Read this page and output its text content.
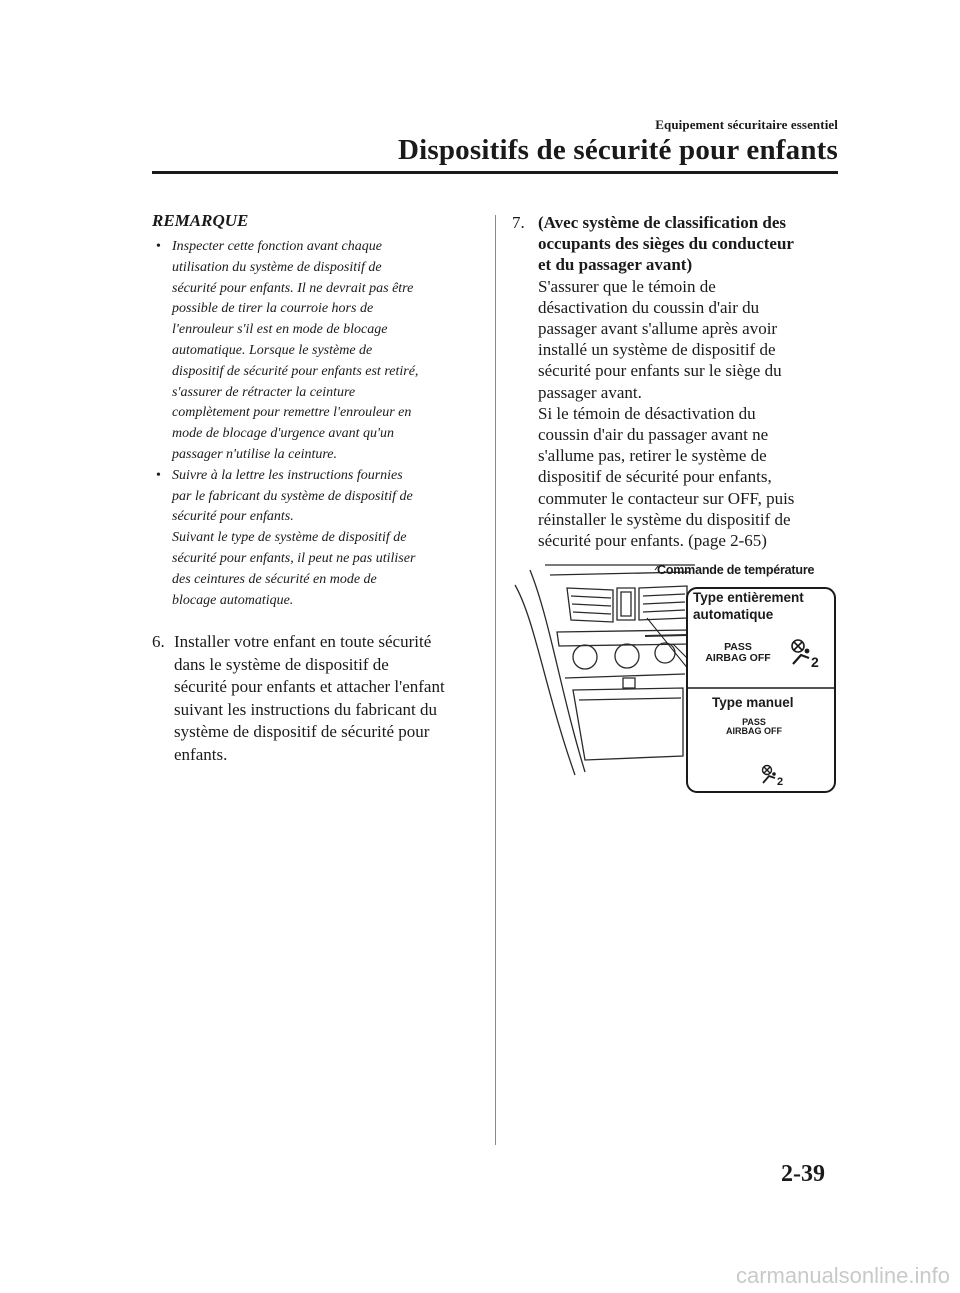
Equipement sécuritaire essentiel
Dispositifs de sécurité pour enfants
REMARQUE
• Inspecter cette fonction avant chaque
utilisation du système de dispositif de
sécurité pour enfants. Il ne devrait pas être
possible de tirer la courroie hors de
l'enrouleur s'il est en mode de blocage
automatique. Lorsque le système de
dispositif de sécurité pour enfants est retiré,
s'assurer de rétracter la ceinture
complètement pour remettre l'enrouleur en
mode de blocage d'urgence avant qu'un
passager n'utilise la ceinture.
• Suivre à la lettre les instructions fournies
par le fabricant du système de dispositif de
sécurité pour enfants.
Suivant le type de système de dispositif de
sécurité pour enfants, il peut ne pas utiliser
des ceintures de sécurité en mode de
blocage automatique.
6. Installer votre enfant en toute sécurité
dans le système de dispositif de
sécurité pour enfants et attacher l'enfant
suivant les instructions du fabricant du
système de dispositif de sécurité pour
enfants.
7. (Avec système de classification des
occupants des sièges du conducteur
et du passager avant)
S'assurer que le témoin de
désactivation du coussin d'air du
passager avant s'allume après avoir
installé un système de dispositif de
sécurité pour enfants sur le siège du
passager avant.
Si le témoin de désactivation du
coussin d'air du passager avant ne
s'allume pas, retirer le système de
dispositif de sécurité pour enfants,
commuter le contacteur sur OFF, puis
réinstaller le système du dispositif de
sécurité pour enfants. (page 2-65)
Commande de température
Type entièrement automatique
PASS
AIRBAG OFF	2
Type manuel
PASS
AIRBAG OFF
2
2-39
carmanualsonline.info
